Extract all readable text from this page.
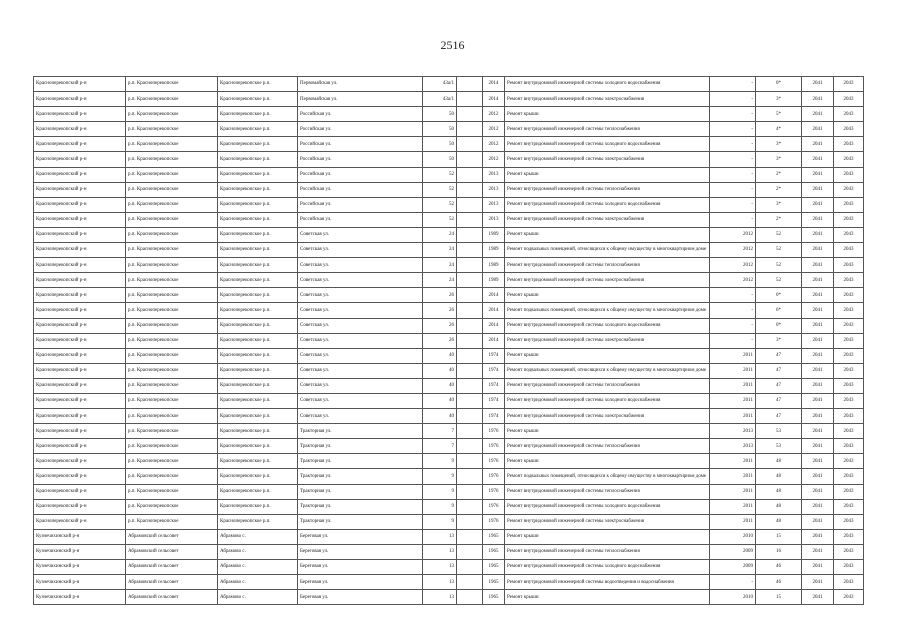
2516
Красноперекопский р-н	р.п. Красноперекопское	Красноперекопское р.п.	Первомайская ул.	43а/1		2014	Ремонт внутридомовой инженерной системы холодного водоснабжения	-	0*	2041	2043
Красноперекопский р-н	р.п. Красноперекопское	Красноперекопское р.п.	Первомайская ул.	43а/1		2014	Ремонт внутридомовой инженерной системы электроснабжения	-	3*	2041	2043
Красноперекопский р-н	р.п. Красноперекопское	Красноперекопское р.п.	Российская ул.	50		2012	Ремонт крыши	-	5*	2041	2043
Красноперекопский р-н	р.п. Красноперекопское	Красноперекопское р.п.	Российская ул.	50		2012	Ремонт внутридомовой инженерной системы теплоснабжения	-	4*	2041	2043
Красноперекопский р-н	р.п. Красноперекопское	Красноперекопское р.п.	Российская ул.	50		2012	Ремонт внутридомовой инженерной системы холодного водоснабжения	-	3*	2041	2043
Красноперекопский р-н	р.п. Красноперекопское	Красноперекопское р.п.	Российская ул.	50		2012	Ремонт внутридомовой инженерной системы электроснабжения	-	3*	2041	2043
Красноперекопский р-н	р.п. Красноперекопское	Красноперекопское р.п.	Российская ул.	52		2013	Ремонт крыши	-	2*	2041	2043
Красноперекопский р-н	р.п. Красноперекопское	Красноперекопское р.п.	Российская ул.	52		2013	Ремонт внутридомовой инженерной системы теплоснабжения	-	2*	2041	2043
Красноперекопский р-н	р.п. Красноперекопское	Красноперекопское р.п.	Российская ул.	52		2013	Ремонт внутридомовой инженерной системы холодного водоснабжения	-	3*	2041	2043
Красноперекопский р-н	р.п. Красноперекопское	Красноперекопское р.п.	Российская ул.	52		2013	Ремонт внутридомовой инженерной системы электроснабжения	-	2*	2041	2043
Красноперекопский р-н	р.п. Красноперекопское	Красноперекопское р.п.	Советская ул.	24		1989	Ремонт крыши	2012	52	2041	2043
Красноперекопский р-н	р.п. Красноперекопское	Красноперекопское р.п.	Советская ул.	24		1989	Ремонт подвальных помещений, относящихся к общему имуществу в многоквартирном доме	2012	52	2041	2043
Красноперекопский р-н	р.п. Красноперекопское	Красноперекопское р.п.	Советская ул.	24		1989	Ремонт внутридомовой инженерной системы теплоснабжения	2012	52	2041	2043
Красноперекопский р-н	р.п. Красноперекопское	Красноперекопское р.п.	Советская ул.	24		1989	Ремонт внутридомовой инженерной системы электроснабжения	2012	52	2041	2043
Красноперекопский р-н	р.п. Красноперекопское	Красноперекопское р.п.	Советская ул.	26		2014	Ремонт крыши	-	0*	2041	2043
Красноперекопский р-н	р.п. Красноперекопское	Красноперекопское р.п.	Советская ул.	26		2014	Ремонт подвальных помещений, относящихся к общему имуществу в многоквартирном доме	-	6*	2041	2043
Красноперекопский р-н	р.п. Красноперекопское	Красноперекопское р.п.	Советская ул.	26		2014	Ремонт внутридомовой инженерной системы холодного водоснабжения	-	0*	2041	2043
Красноперекопский р-н	р.п. Красноперекопское	Красноперекопское р.п.	Советская ул.	26		2014	Ремонт внутридомовой инженерной системы электроснабжения	-	3*	2041	2043
Красноперекопский р-н	р.п. Красноперекопское	Красноперекопское р.п.	Советская ул.	40		1974	Ремонт крыши	2011	47	2041	2043
Красноперекопский р-н	р.п. Красноперекопское	Красноперекопское р.п.	Советская ул.	40		1974	Ремонт подвальных помещений, относящихся к общему имуществу в многоквартирном доме	2011	47	2041	2043
Красноперекопский р-н	р.п. Красноперекопское	Красноперекопское р.п.	Советская ул.	40		1974	Ремонт внутридомовой инженерной системы теплоснабжения	2011	47	2041	2043
Красноперекопский р-н	р.п. Красноперекопское	Красноперекопское р.п.	Советская ул.	40		1974	Ремонт внутридомовой инженерной системы холодного водоснабжения	2011	47	2041	2043
Красноперекопский р-н	р.п. Красноперекопское	Красноперекопское р.п.	Советская ул.	40		1974	Ремонт внутридомовой инженерной системы электроснабжения	2011	47	2041	2043
Красноперекопский р-н	р.п. Красноперекопское	Красноперекопское р.п.	Тракторная ул.	7		1976	Ремонт крыши	2013	53	2041	2043
Красноперекопский р-н	р.п. Красноперекопское	Красноперекопское р.п.	Тракторная ул.	7		1976	Ремонт внутридомовой инженерной системы теплоснабжения	2013	53	2041	2043
Красноперекопский р-н	р.п. Красноперекопское	Красноперекопское р.п.	Тракторная ул.	9		1976	Ремонт крыши	2011	48	2041	2043
Красноперекопский р-н	р.п. Красноперекопское	Красноперекопское р.п.	Тракторная ул.	9		1976	Ремонт подвальных помещений, относящихся к общему имуществу в многоквартирном доме	2011	48	2041	2043
Красноперекопский р-н	р.п. Красноперекопское	Красноперекопское р.п.	Тракторная ул.	9		1976	Ремонт внутридомовой инженерной системы теплоснабжения	2011	48	2041	2043
Красноперекопский р-н	р.п. Красноперекопское	Красноперекопское р.п.	Тракторная ул.	9		1976	Ремонт внутридомовой инженерной системы холодного водоснабжения	2011	48	2041	2043
Красноперекопский р-н	р.п. Красноперекопское	Красноперекопское р.п.	Тракторная ул.	9		1976	Ремонт внутридомовой инженерной системы электроснабжения	2011	48	2041	2043
Кузнечихинский р-н	Абрамовский сельсовет	Абрамово с.	Береговая ул.	13		1965	Ремонт крыши	2010	15	2041	2043
Кузнечихинский р-н	Абрамовский сельсовет	Абрамово с.	Береговая ул.	13		1965	Ремонт внутридомовой инженерной системы теплоснабжения	2009	16	2041	2043
Кузнечихинский р-н	Абрамовский сельсовет	Абрамово с.	Береговая ул.	13		1965	Ремонт внутридомовой инженерной системы холодного водоснабжения	2009	46	2041	2043
Кузнечихинский р-н	Абрамовский сельсовет	Абрамово с.	Береговая ул.	13		1965	Ремонт внутридомовой инженерной системы водоотведения и водоснабжения	-	46	2041	2043
Кузнечихинский р-н	Абрамовский сельсовет	Абрамово с.	Береговая ул.	13		1965	Ремонт крыши	2010	15	2041	2043
